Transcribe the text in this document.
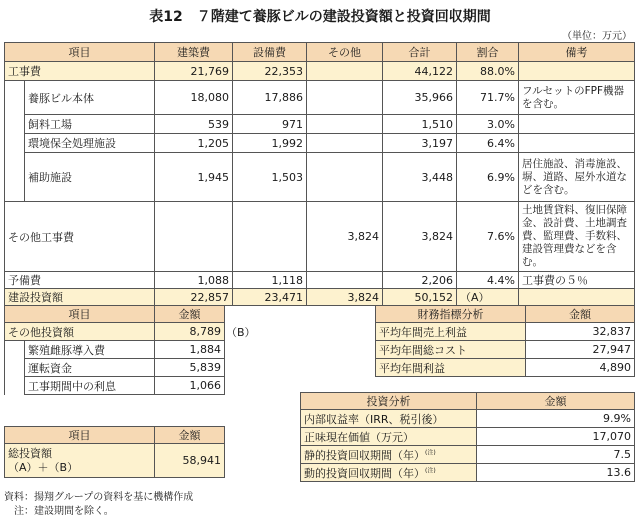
表12　７階建て養豚ビルの建設投資額と投資回収期間
（単位：万元）
項目		建築費	設備費	その他	合計	割合	備考
工事費		21,769	22,353		44,122	88.0%	
	養豚ビル本体	18,080	17,886		35,966	71.7%	フルセットのFPF機器を含む。
	飼料工場	539	971		1,510	3.0%	
	環境保全処理施設	1,205	1,992		3,197	6.4%	
	補助施設	1,945	1,503		3,448	6.9%	居住施設、消毒施設、塀、道路、屋外水道などを含む。
その他工事費				3,824	3,824	7.6%	土地賃貸料、復旧保障金、設計費、土地調査費、監理費、手数料、建設管理費などを含む。
予備費		1,088	1,118		2,206	4.4%	工事費の５％
建設投資額		22,857	23,471	3,824	50,152	（A）	
項目		金額
その他投資額		8,789
	繁殖雌豚導入費	1,884
	運転資金	5,839
	工事期間中の利息	1,066
（B）
項目	金額

総投資額
（A）＋（B）	58,941
財務指標分析	金額
平均年間売上利益	32,837
平均年間総コスト	27,947
平均年間利益	4,890
投資分析	金額
内部収益率（IRR、税引後）	9.9%
正味現在価値（万元）	17,070
静的投資回収期間（年）$^{(注)}$	7.5
動的投資回収期間（年）$^{(注)}$	13.6
資料：揚翔グループの資料を基に機構作成
　注：建設期間を除く。
